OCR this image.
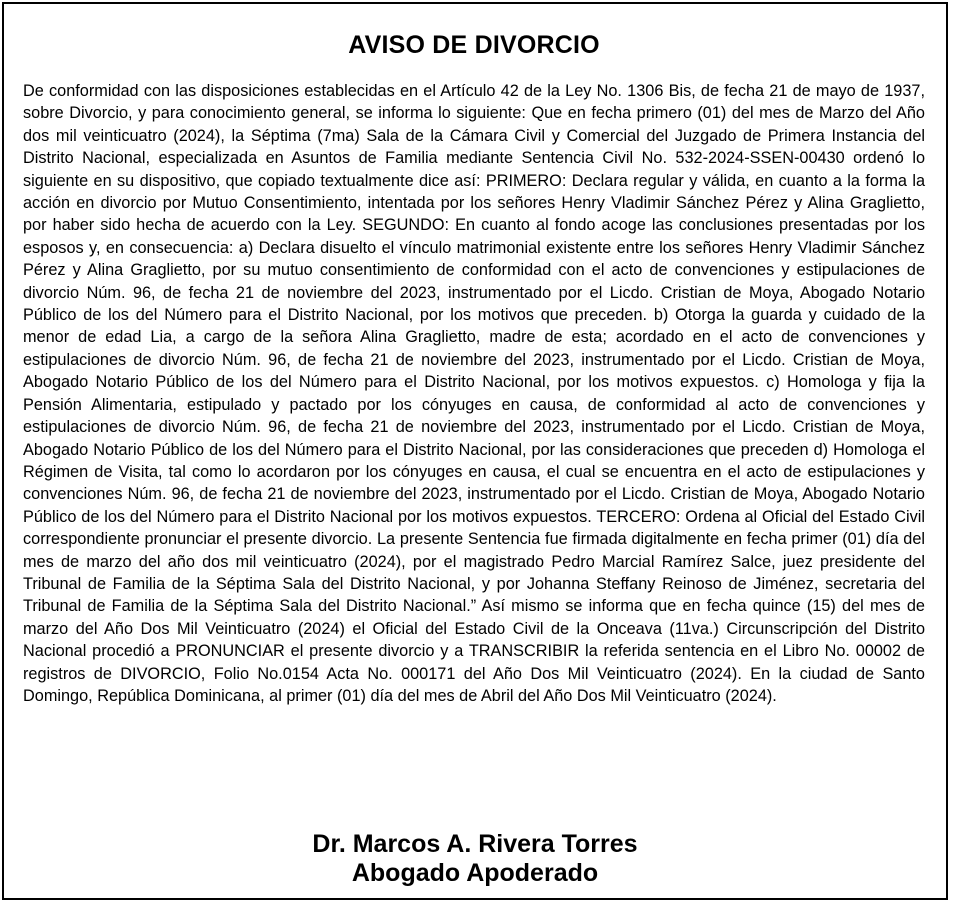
AVISO DE DIVORCIO

De conformidad con las disposiciones establecidas en el Artículo 42 de la Ley No. 1306 Bis, de fecha 21 de mayo de 1937, sobre Divorcio, y para conocimiento general, se informa lo siguiente: Que en fecha primero (01) del mes de Marzo del Año dos mil veinticuatro (2024), la Séptima (7ma) Sala de la Cámara Civil y Comercial del Juzgado de Primera Instancia del Distrito Nacional, especializada en Asuntos de Familia mediante Sentencia Civil No. 532-2024-SSEN-00430 ordenó lo siguiente en su dispositivo, que copiado textualmente dice así: PRIMERO: Declara regular y válida, en cuanto a la forma la acción en divorcio por Mutuo Consentimiento, intentada por los señores Henry Vladimir Sánchez Pérez y Alina Graglietto, por haber sido hecha de acuerdo con la Ley. SEGUNDO: En cuanto al fondo acoge las conclusiones presentadas por los esposos y, en consecuencia: a) Declara disuelto el vínculo matrimonial existente entre los señores Henry Vladimir Sánchez Pérez y Alina Graglietto, por su mutuo consentimiento de conformidad con el acto de convenciones y estipulaciones de divorcio Núm. 96, de fecha 21 de noviembre del 2023, instrumentado por el Licdo. Cristian de Moya, Abogado Notario Público de los del Número para el Distrito Nacional, por los motivos que preceden. b) Otorga la guarda y cuidado de la menor de edad Lia, a cargo de la señora Alina Graglietto, madre de esta; acordado en el acto de convenciones y estipulaciones de divorcio Núm. 96, de fecha 21 de noviembre del 2023, instrumentado por el Licdo. Cristian de Moya, Abogado Notario Público de los del Número para el Distrito Nacional, por los motivos expuestos. c) Homologa y fija la Pensión Alimentaria, estipulado y pactado por los cónyuges en causa, de conformidad al acto de convenciones y estipulaciones de divorcio Núm. 96, de fecha 21 de noviembre del 2023, instrumentado por el Licdo. Cristian de Moya, Abogado Notario Público de los del Número para el Distrito Nacional, por las consideraciones que preceden d) Homologa el Régimen de Visita, tal como lo acordaron por los cónyuges en causa, el cual se encuentra en el acto de estipulaciones y convenciones Núm. 96, de fecha 21 de noviembre del 2023, instrumentado por el Licdo. Cristian de Moya, Abogado Notario Público de los del Número para el Distrito Nacional por los motivos expuestos. TERCERO: Ordena al Oficial del Estado Civil correspondiente pronunciar el presente divorcio. La presente Sentencia fue firmada digitalmente en fecha primer (01) día del mes de marzo del año dos mil veinticuatro (2024), por el magistrado Pedro Marcial Ramírez Salce, juez presidente del Tribunal de Familia de la Séptima Sala del Distrito Nacional, y por Johanna Steffany Reinoso de Jiménez, secretaria del Tribunal de Familia de la Séptima Sala del Distrito Nacional.” Así mismo se informa que en fecha quince (15) del mes de marzo del Año Dos Mil Veinticuatro (2024) el Oficial del Estado Civil de la Onceava (11va.) Circunscripción del Distrito Nacional procedió a PRONUNCIAR el presente divorcio y a TRANSCRIBIR la referida sentencia en el Libro No. 00002 de registros de DIVORCIO, Folio No.0154 Acta No. 000171 del Año Dos Mil Veinticuatro (2024). En la ciudad de Santo Domingo, República Dominicana, al primer (01) día del mes de Abril del Año Dos Mil Veinticuatro (2024).

Dr. Marcos A. Rivera Torres
Abogado Apoderado
